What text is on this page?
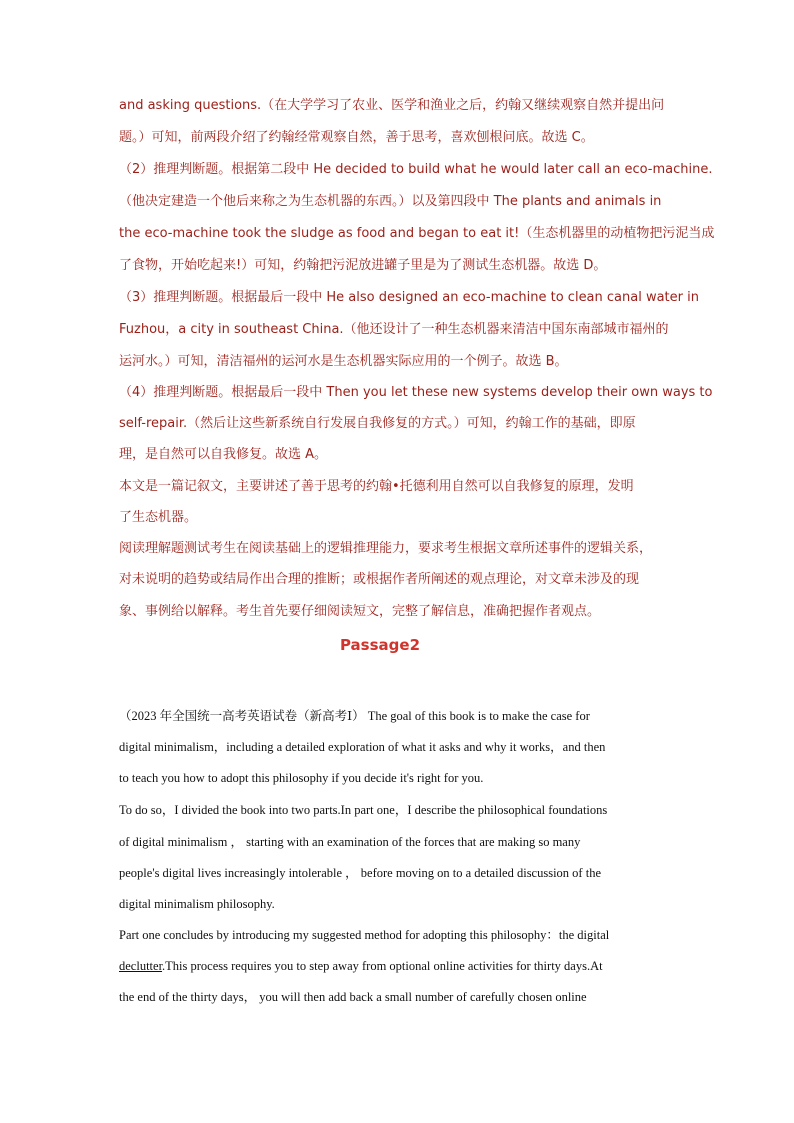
and asking questions.（在大学学习了农业、医学和渔业之后，约翰又继续观察自然并提出问
题。）可知，前两段介绍了约翰经常观察自然，善于思考，喜欢刨根问底。故选 C。
（2）推理判断题。根据第二段中 He decided to build what he would later call an eco-machine.
（他决定建造一个他后来称之为生态机器的东西。）以及第四段中 The plants and animals in
the eco-machine took the sludge as food and began to eat it!（生态机器里的动植物把污泥当成
了食物，开始吃起来!）可知，约翰把污泥放进罐子里是为了测试生态机器。故选 D。
（3）推理判断题。根据最后一段中 He also designed an eco-machine to clean canal water in
Fuzhou，a city in southeast China.（他还设计了一种生态机器来清洁中国东南部城市福州的
运河水。）可知，清洁福州的运河水是生态机器实际应用的一个例子。故选 B。
（4）推理判断题。根据最后一段中 Then you let these new systems develop their own ways to
self-repair.（然后让这些新系统自行发展自我修复的方式。）可知，约翰工作的基础，即原
理，是自然可以自我修复。故选 A。
本文是一篇记叙文，主要讲述了善于思考的约翰•托德利用自然可以自我修复的原理，发明
了生态机器。
阅读理解题测试考生在阅读基础上的逻辑推理能力，要求考生根据文章所述事件的逻辑关系，
对未说明的趋势或结局作出合理的推断；或根据作者所阐述的观点理论，对文章未涉及的现
象、事例给以解释。考生首先要仔细阅读短文，完整了解信息，准确把握作者观点。
Passage2
（2023 年全国统一高考英语试卷（新高考Ⅰ） The goal of this book is to make the case for
digital minimalism，including a detailed exploration of what it asks and why it works，and then
to teach you how to adopt this philosophy if you decide it's right for you.
To do so，I divided the book into two parts.In part one，I describe the philosophical foundations
of digital minimalism ， starting with an examination of the forces that are making so many
people's digital lives increasingly intolerable ， before moving on to a detailed discussion of the
digital minimalism philosophy.
Part one concludes by introducing my suggested method for adopting this philosophy：the digital
declutter.This process requires you to step away from optional online activities for thirty days.At
the end of the thirty days， you will then add back a small number of carefully chosen online
